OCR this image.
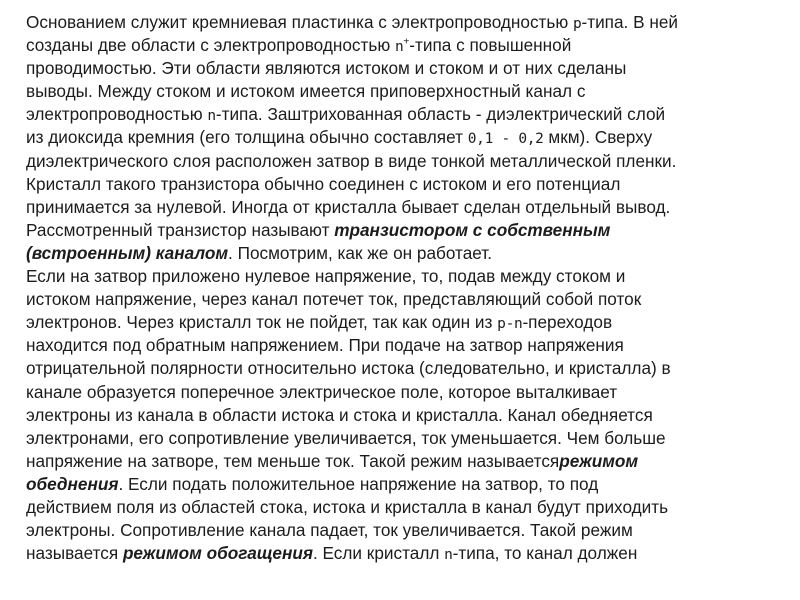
Основанием служит кремниевая пластинка с электропроводностью p-типа. В ней
созданы две области с электропроводностью n+-типа с повышенной
проводимостью. Эти области являются истоком и стоком и от них сделаны
выводы. Между стоком и истоком имеется приповерхностный канал с
электропроводностью n-типа. Заштрихованная область - диэлектрический слой
из диоксида кремния (его толщина обычно составляет 0,1 - 0,2 мкм). Сверху
диэлектрического слоя расположен затвор в виде тонкой металлической пленки.
Кристалл такого транзистора обычно соединен с истоком и его потенциал
принимается за нулевой. Иногда от кристалла бывает сделан отдельный вывод.
Рассмотренный транзистор называют транзистором с собственным
(встроенным) каналом. Посмотрим, как же он работает.
Если на затвор приложено нулевое напряжение, то, подав между стоком и
истоком напряжение, через канал потечет ток, представляющий собой поток
электронов. Через кристалл ток не пойдет, так как один из p-n-переходов
находится под обратным напряжением. При подаче на затвор напряжения
отрицательной полярности относительно истока (следовательно, и кристалла) в
канале образуется поперечное электрическое поле, которое выталкивает
электроны из канала в области истока и стока и кристалла. Канал обедняется
электронами, его сопротивление увеличивается, ток уменьшается. Чем больше
напряжение на затворе, тем меньше ток. Такой режим называетсярежимом
обеднения. Если подать положительное напряжение на затвор, то под
действием поля из областей стока, истока и кристалла в канал будут приходить
электроны. Сопротивление канала падает, ток увеличивается. Такой режим
называется режимом обогащения. Если кристалл n-типа, то канал должен
